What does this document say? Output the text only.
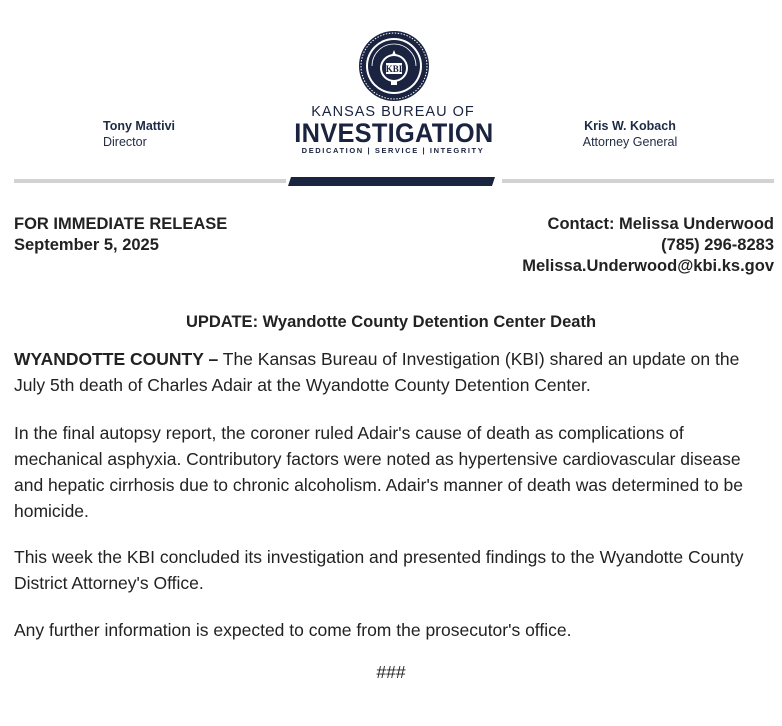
Tony Mattivi
Director
KBI
KANSAS BUREAU OF
INVESTIGATION
DEDICATION | SERVICE | INTEGRITY
Kris W. Kobach
Attorney General
FOR IMMEDIATE RELEASE
September 5, 2025
Contact: Melissa Underwood
(785) 296-8283
Melissa.Underwood@kbi.ks.gov
UPDATE: Wyandotte County Detention Center Death
WYANDOTTE COUNTY – The Kansas Bureau of Investigation (KBI) shared an update on the July 5th death of Charles Adair at the Wyandotte County Detention Center.
In the final autopsy report, the coroner ruled Adair's cause of death as complications of mechanical asphyxia. Contributory factors were noted as hypertensive cardiovascular disease and hepatic cirrhosis due to chronic alcoholism. Adair's manner of death was determined to be homicide.
This week the KBI concluded its investigation and presented findings to the Wyandotte County District Attorney's Office.
Any further information is expected to come from the prosecutor's office.
###
